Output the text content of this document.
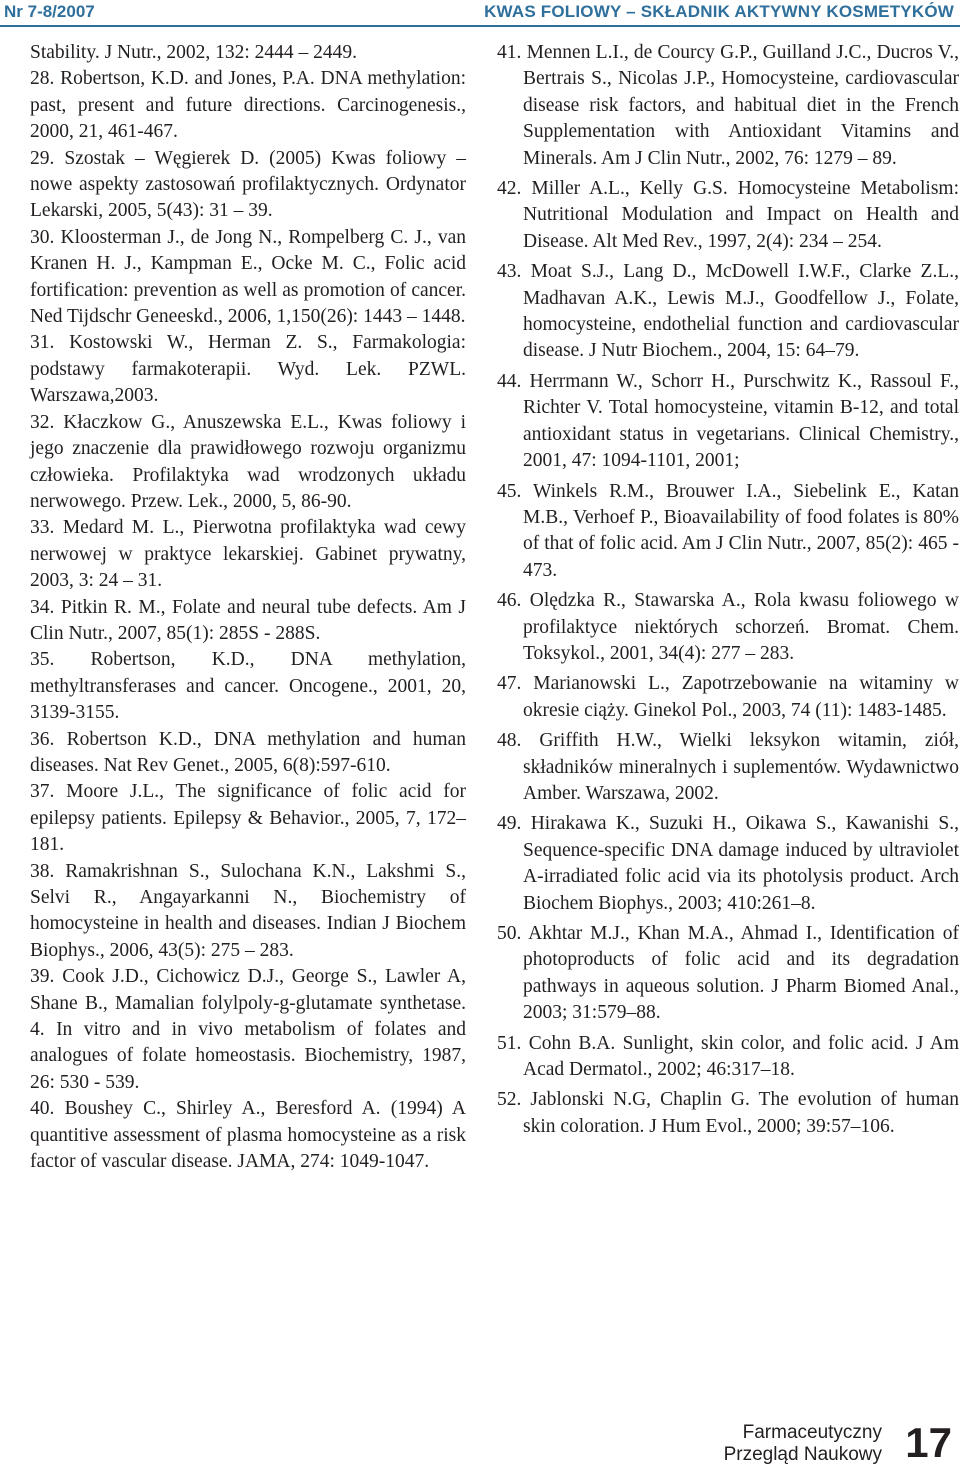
Nr 7-8/2007	KWAS FOLIOWY – SKŁADNIK AKTYWNY KOSMETYKÓW
Stability. J Nutr., 2002, 132: 2444 – 2449.
28. Robertson, K.D. and Jones, P.A. DNA methylation: past, present and future directions. Carcinogenesis., 2000, 21, 461-467.
29. Szostak – Węgierek D. (2005) Kwas foliowy – nowe aspekty zastosowań profilaktycznych. Ordynator Lekarski, 2005, 5(43): 31 – 39.
30. Kloosterman J., de Jong N., Rompelberg C. J., van Kranen H. J., Kampman E., Ocke M. C., Folic acid fortification: prevention as well as promotion of cancer. Ned Tijdschr Geneeskd., 2006, 1,150(26): 1443 – 1448.
31. Kostowski W., Herman Z. S., Farmakologia: podstawy farmakoterapii. Wyd. Lek. PZWL. Warszawa,2003.
32. Kłaczkow G., Anuszewska E.L., Kwas foliowy i jego znaczenie dla prawidłowego rozwoju organizmu człowieka. Profilaktyka wad wrodzonych układu nerwowego. Przew. Lek., 2000, 5, 86-90.
33. Medard M. L., Pierwotna profilaktyka wad cewy nerwowej w praktyce lekarskiej. Gabinet prywatny, 2003, 3: 24 – 31.
34. Pitkin R. M., Folate and neural tube defects. Am J Clin Nutr., 2007, 85(1): 285S - 288S.
35. Robertson, K.D., DNA methylation, methyltransferases and cancer. Oncogene., 2001, 20, 3139-3155.
36. Robertson K.D., DNA methylation and human diseases. Nat Rev Genet., 2005, 6(8):597-610.
37. Moore J.L., The significance of folic acid for epilepsy patients. Epilepsy & Behavior., 2005, 7, 172–181.
38. Ramakrishnan S., Sulochana K.N., Lakshmi S., Selvi R., Angayarkanni N., Biochemistry of homocysteine in health and diseases. Indian J Biochem Biophys., 2006, 43(5): 275 – 283.
39. Cook J.D., Cichowicz D.J., George S., Lawler A, Shane B., Mamalian folylpoly-g-glutamate synthetase. 4. In vitro and in vivo metabolism of folates and analogues of folate homeostasis. Biochemistry, 1987, 26: 530 - 539.
40. Boushey C., Shirley A., Beresford A. (1994) A quantitive assessment of plasma homocysteine as a risk factor of vascular disease. JAMA, 274: 1049-1047.
41. Mennen L.I., de Courcy G.P., Guilland J.C., Ducros V., Bertrais S., Nicolas J.P., Homocysteine, cardiovascular disease risk factors, and habitual diet in the French Supplementation with Antioxidant Vitamins and Minerals. Am J Clin Nutr., 2002, 76: 1279 – 89.
42. Miller A.L., Kelly G.S. Homocysteine Metabolism: Nutritional Modulation and Impact on Health and Disease. Alt Med Rev., 1997, 2(4): 234 – 254.
43. Moat S.J., Lang D., McDowell I.W.F., Clarke Z.L., Madhavan A.K., Lewis M.J., Goodfellow J., Folate, homocysteine, endothelial function and cardiovascular disease. J Nutr Biochem., 2004, 15: 64–79.
44. Herrmann W., Schorr H., Purschwitz K., Rassoul F., Richter V. Total homocysteine, vitamin B-12, and total antioxidant status in vegetarians. Clinical Chemistry., 2001, 47: 1094-1101, 2001;
45. Winkels R.M., Brouwer I.A., Siebelink E., Katan M.B., Verhoef P., Bioavailability of food folates is 80% of that of folic acid. Am J Clin Nutr., 2007, 85(2): 465 - 473.
46. Olędzka R., Stawarska A., Rola kwasu foliowego w profilaktyce niektórych schorzeń. Bromat. Chem. Toksykol., 2001, 34(4): 277 – 283.
47. Marianowski L., Zapotrzebowanie na witaminy w okresie ciąży. Ginekol Pol., 2003, 74 (11): 1483-1485.
48. Griffith H.W., Wielki leksykon witamin, ziół, składników mineralnych i suplementów. Wydawnictwo Amber. Warszawa, 2002.
49. Hirakawa K., Suzuki H., Oikawa S., Kawanishi S., Sequence-specific DNA damage induced by ultraviolet A-irradiated folic acid via its photolysis product. Arch Biochem Biophys., 2003; 410:261–8.
50. Akhtar M.J., Khan M.A., Ahmad I., Identification of photoproducts of folic acid and its degradation pathways in aqueous solution. J Pharm Biomed Anal., 2003; 31:579–88.
51. Cohn B.A. Sunlight, skin color, and folic acid. J Am Acad Dermatol., 2002; 46:317–18.
52. Jablonski N.G, Chaplin G. The evolution of human skin coloration. J Hum Evol., 2000; 39:57–106.
Farmaceutyczny
Przegląd Naukowy 17
